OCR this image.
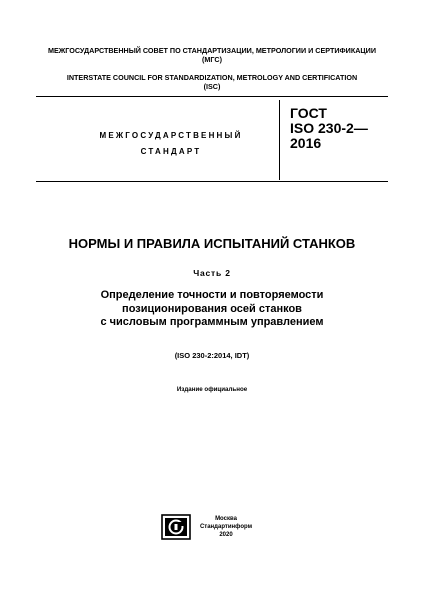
МЕЖГОСУДАРСТВЕННЫЙ СОВЕТ ПО СТАНДАРТИЗАЦИИ, МЕТРОЛОГИИ И СЕРТИФИКАЦИИ
(МГС)
INTERSTATE COUNCIL FOR STANDARDIZATION, METROLOGY AND CERTIFICATION
(ISC)
МЕЖГОСУДАРСТВЕННЫЙ
СТАНДАРТ
ГОСТ
ISO 230-2—
2016
НОРМЫ И ПРАВИЛА ИСПЫТАНИЙ СТАНКОВ
Часть 2
Определение точности и повторяемости
позиционирования осей станков
с числовым программным управлением
(ISO 230-2:2014, IDT)
Издание официальное
Москва
Стандартинформ
2020
